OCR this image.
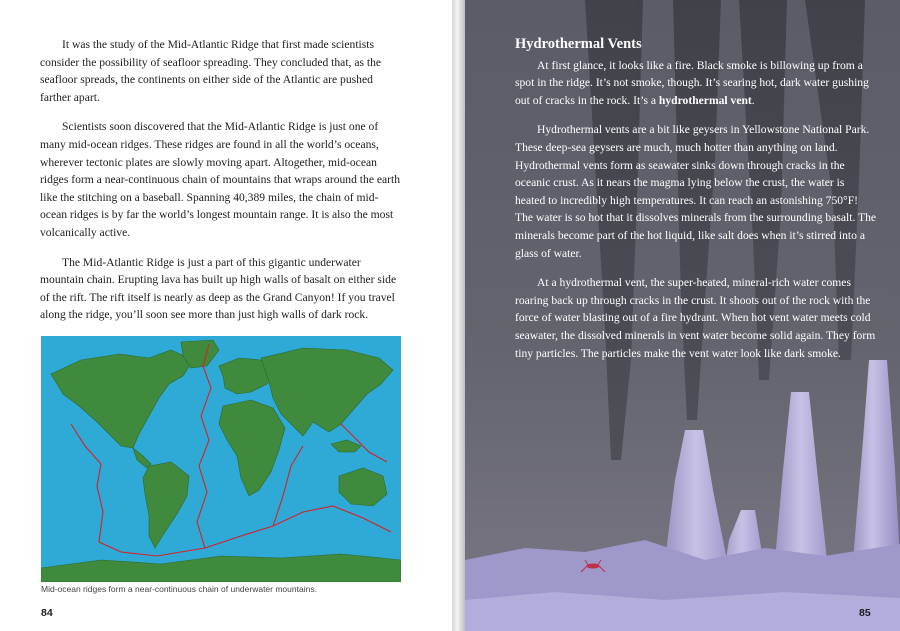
It was the study of the Mid-Atlantic Ridge that first made scientists consider the possibility of seafloor spreading. They concluded that, as the seafloor spreads, the continents on either side of the Atlantic are pushed farther apart.

Scientists soon discovered that the Mid-Atlantic Ridge is just one of many mid-ocean ridges. These ridges are found in all the world’s oceans, wherever tectonic plates are slowly moving apart. Altogether, mid-ocean ridges form a near-continuous chain of mountains that wraps around the earth like the stitching on a baseball. Spanning 40,389 miles, the chain of mid-ocean ridges is by far the world’s longest mountain range. It is also the most volcanically active.

The Mid-Atlantic Ridge is just a part of this gigantic underwater mountain chain. Erupting lava has built up high walls of basalt on either side of the rift. The rift itself is nearly as deep as the Grand Canyon! If you travel along the ridge, you’ll soon see more than just high walls of dark rock.

Mid-ocean ridges form a near-continuous chain of underwater mountains.
84
Hydrothermal Vents

At first glance, it looks like a fire. Black smoke is billowing up from a spot in the ridge. It’s not smoke, though. It’s searing hot, dark water gushing out of cracks in the rock. It’s a hydrothermal vent.

Hydrothermal vents are a bit like geysers in Yellowstone National Park. These deep-sea geysers are much, much hotter than anything on land. Hydrothermal vents form as seawater sinks down through cracks in the oceanic crust. As it nears the magma lying below the crust, the water is heated to incredibly high temperatures. It can reach an astonishing 750°F! The water is so hot that it dissolves minerals from the surrounding basalt. The minerals become part of the hot liquid, like salt does when it’s stirred into a glass of water.

At a hydrothermal vent, the super-heated, mineral-rich water comes roaring back up through cracks in the crust. It shoots out of the rock with the force of water blasting out of a fire hydrant. When hot vent water meets cold seawater, the dissolved minerals in vent water become solid again. They form tiny particles. The particles make the vent water look like dark smoke.

85
